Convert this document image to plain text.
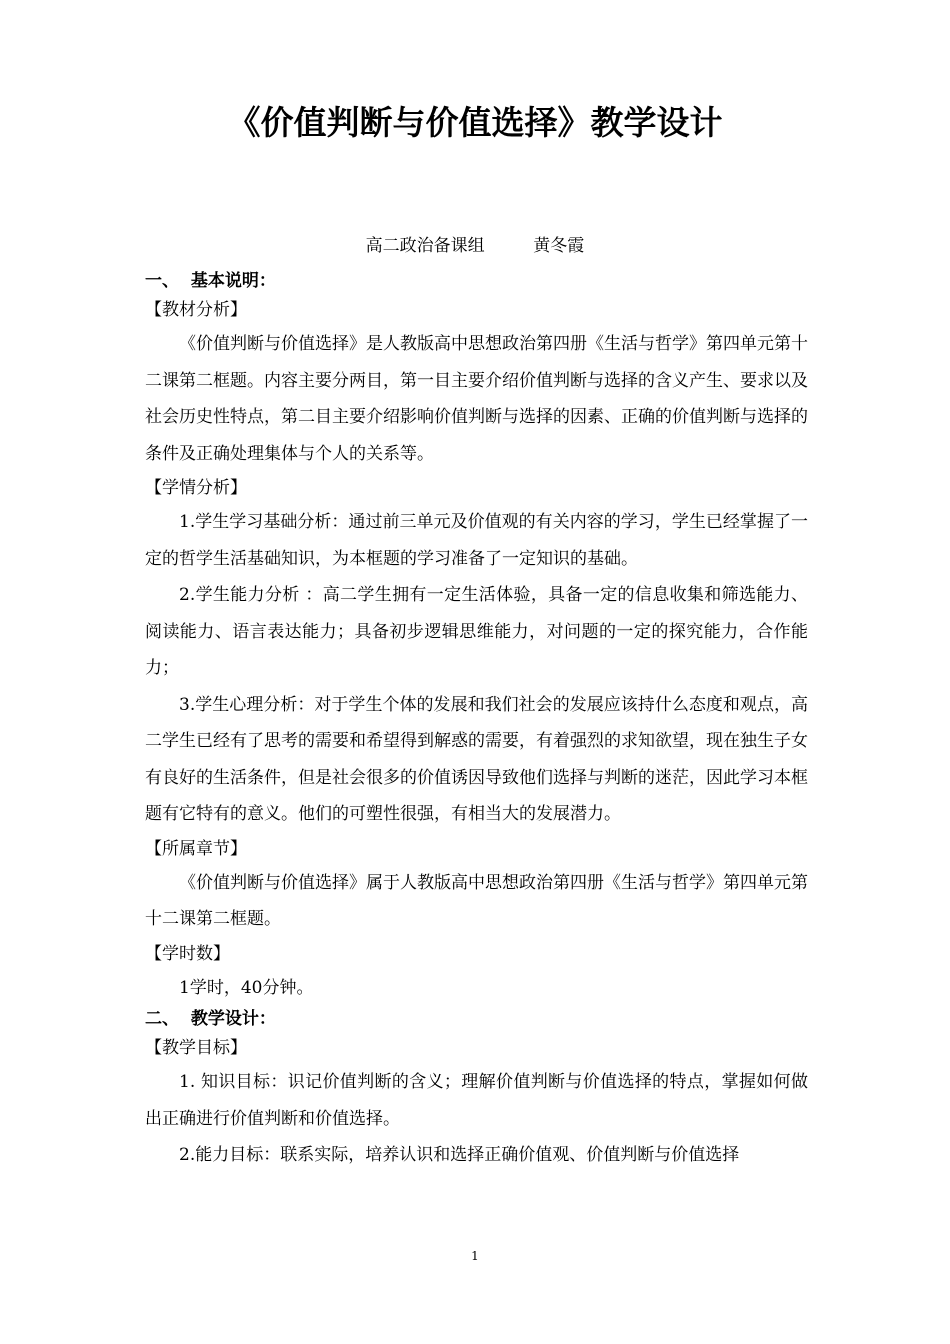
《价值判断与价值选择》教学设计
高二政治备课组         黄冬霞
一、  基本说明：
【教材分析】
《价值判断与价值选择》是人教版高中思想政治第四册《生活与哲学》第四单元第十二课第二框题。内容主要分两目，第一目主要介绍价值判断与选择的含义产生、要求以及社会历史性特点，第二目主要介绍影响价值判断与选择的因素、正确的价值判断与选择的条件及正确处理集体与个人的关系等。
【学情分析】
1.学生学习基础分析：通过前三单元及价值观的有关内容的学习，学生已经掌握了一定的哲学生活基础知识，为本框题的学习准备了一定知识的基础。
2.学生能力分析 ：高二学生拥有一定生活体验，具备一定的信息收集和筛选能力、阅读能力、语言表达能力；具备初步逻辑思维能力，对问题的一定的探究能力，合作能力；
3.学生心理分析：对于学生个体的发展和我们社会的发展应该持什么态度和观点，高二学生已经有了思考的需要和希望得到解惑的需要，有着强烈的求知欲望，现在独生子女有良好的生活条件，但是社会很多的价值诱因导致他们选择与判断的迷茫，因此学习本框题有它特有的意义。他们的可塑性很强，有相当大的发展潜力。
【所属章节】
《价值判断与价值选择》属于人教版高中思想政治第四册《生活与哲学》第四单元第十二课第二框题。
【学时数】
1学时，40分钟。
二、  教学设计：
【教学目标】
1. 知识目标：识记价值判断的含义；理解价值判断与价值选择的特点，掌握如何做出正确进行价值判断和价值选择。
2.能力目标：联系实际，培养认识和选择正确价值观、价值判断与价值选择
1
